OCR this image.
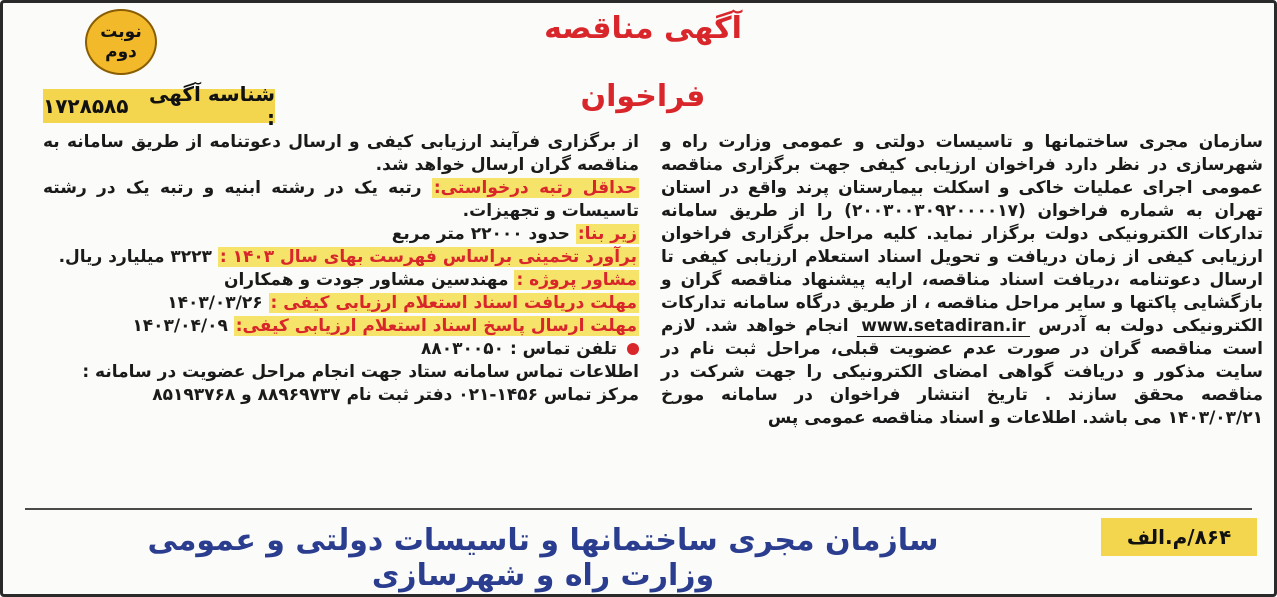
نوبت
دوم
آگهی مناقصه
فراخوان
شناسه آگهی :

۱۷۲۸۵۸۵

سازمان مجری ساختمانها و تاسیسات دولتی و عمومی وزارت راه و شهرسازی در نظر دارد فراخوان ارزیابی کیفی جهت برگزاری مناقصه عمومی اجرای عملیات خاکی و اسکلت بیمارستان پرند واقع در استان تهران به شماره فراخوان (۲۰۰۳۰۰۳۰۹۲۰۰۰۰۱۷) را از طریق سامانه تدارکات الکترونیکی دولت برگزار نماید. کلیه مراحل برگزاری فراخوان ارزیابی کیفی از زمان دریافت و تحویل اسناد استعلام ارزیابی کیفی تا ارسال دعوتنامه ،دریافت اسناد مناقصه، ارایه پیشنهاد مناقصه گران و بازگشایی پاکتها و سایر مراحل مناقصه ، از طریق درگاه سامانه تدارکات الکترونیکی دولت به آدرس www.setadiran.ir انجام خواهد شد. لازم است مناقصه گران در صورت عدم عضویت قبلی، مراحل ثبت نام در سایت مذکور و دریافت گواهی امضای الکترونیکی را جهت شرکت در مناقصه محقق سازند . تاریخ انتشار فراخوان در سامانه مورخ ۱۴۰۳/۰۳/۲۱ می باشد. اطلاعات و اسناد مناقصه عمومی پس

از برگزاری فرآیند ارزیابی کیفی و ارسال دعوتنامه از طریق سامانه به مناقصه گران ارسال خواهد شد.

حداقل رتبه درخواستی: رتبه یک در رشته ابنیه و رتبه یک در رشته تاسیسات و تجهیزات.

زیر بنا: حدود ۲۲۰۰۰ متر مربع

برآورد تخمینی براساس فهرست بهای سال ۱۴۰۳ : ۳۲۲۳ میلیارد ریال.

مشاور پروژه : مهندسین مشاور جودت و همکاران

مهلت دریافت اسناد استعلام ارزیابی کیفی : ۱۴۰۳/۰۳/۲۶

مهلت ارسال پاسخ اسناد استعلام ارزیابی کیفی: ۱۴۰۳/۰۴/۰۹

تلفن تماس : ۸۸۰۳۰۰۵۰

اطلاعات تماس سامانه ستاد جهت انجام مراحل عضویت در سامانه :

مرکز تماس ۱۴۵۶-۰۲۱ دفتر ثبت نام ۸۸۹۶۹۷۳۷ و ۸۵۱۹۳۷۶۸

سازمان مجری ساختمانها و تاسیسات دولتی و عمومی وزارت راه و شهرسازی
۸۶۴/م.الف
